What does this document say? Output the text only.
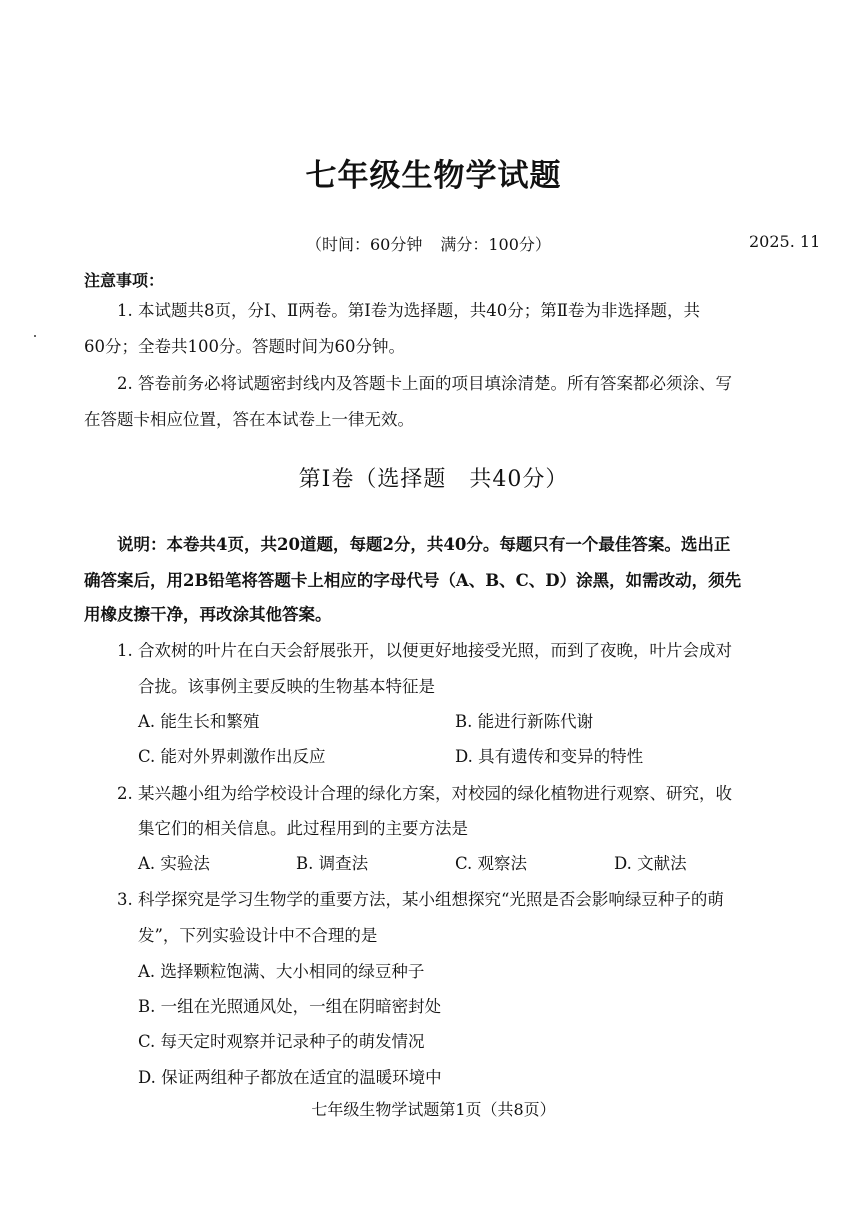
七年级生物学试题
（时间：60分钟 满分：100分）	2025. 11
注意事项：
1. 本试题共8页，分Ⅰ、Ⅱ两卷。第Ⅰ卷为选择题，共40分；第Ⅱ卷为非选择题，共
60分；全卷共100分。答题时间为60分钟。
2. 答卷前务必将试题密封线内及答题卡上面的项目填涂清楚。所有答案都必须涂、写
在答题卡相应位置，答在本试卷上一律无效。
第Ⅰ卷（选择题　共40分）
说明：本卷共4页，共20道题，每题2分，共40分。每题只有一个最佳答案。选出正
确答案后，用2B铅笔将答题卡上相应的字母代号（A、B、C、D）涂黑，如需改动，须先
用橡皮擦干净，再改涂其他答案。
1. 合欢树的叶片在白天会舒展张开，以便更好地接受光照，而到了夜晚，叶片会成对
合拢。该事例主要反映的生物基本特征是
A. 能生长和繁殖	B. 能进行新陈代谢
C. 能对外界刺激作出反应	D. 具有遗传和变异的特性
2. 某兴趣小组为给学校设计合理的绿化方案，对校园的绿化植物进行观察、研究，收
集它们的相关信息。此过程用到的主要方法是
A. 实验法	B. 调查法	C. 观察法	D. 文献法
3. 科学探究是学习生物学的重要方法，某小组想探究“光照是否会影响绿豆种子的萌
发”，下列实验设计中不合理的是
A. 选择颗粒饱满、大小相同的绿豆种子
B. 一组在光照通风处，一组在阴暗密封处
C. 每天定时观察并记录种子的萌发情况
D. 保证两组种子都放在适宜的温暖环境中
七年级生物学试题第1页（共8页）
